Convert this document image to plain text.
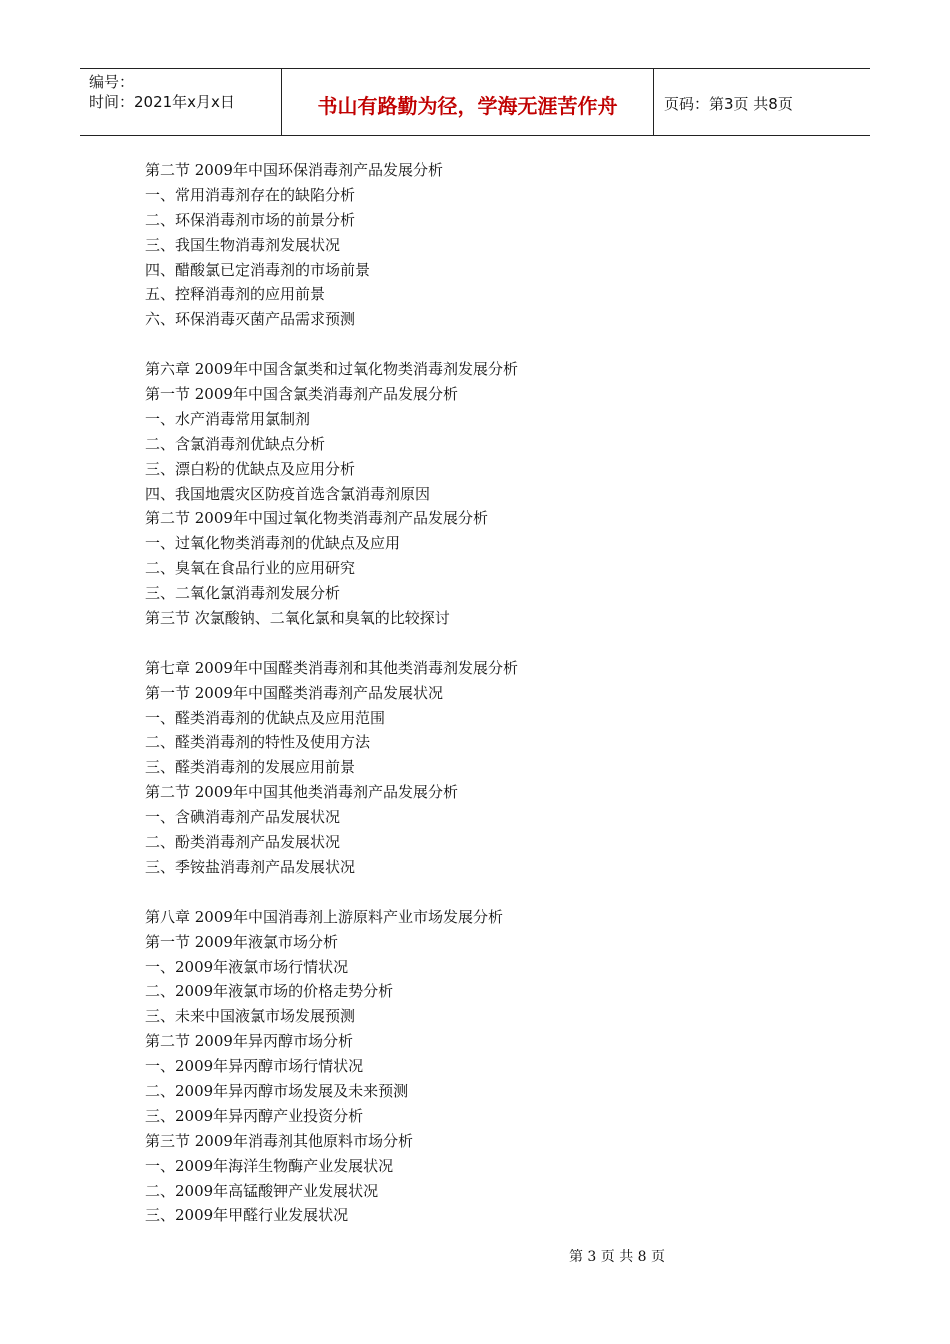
编号：
时间：2021年x月x日	书山有路勤为径，学海无涯苦作舟	页码：第3页 共8页
第二节 2009年中国环保消毒剂产品发展分析
一、常用消毒剂存在的缺陷分析
二、环保消毒剂市场的前景分析
三、我国生物消毒剂发展状况
四、醋酸氯已定消毒剂的市场前景
五、控释消毒剂的应用前景
六、环保消毒灭菌产品需求预测
第六章 2009年中国含氯类和过氧化物类消毒剂发展分析
第一节 2009年中国含氯类消毒剂产品发展分析
一、水产消毒常用氯制剂
二、含氯消毒剂优缺点分析
三、漂白粉的优缺点及应用分析
四、我国地震灾区防疫首选含氯消毒剂原因
第二节 2009年中国过氧化物类消毒剂产品发展分析
一、过氧化物类消毒剂的优缺点及应用
二、臭氧在食品行业的应用研究
三、二氧化氯消毒剂发展分析
第三节 次氯酸钠、二氧化氯和臭氧的比较探讨
第七章 2009年中国醛类消毒剂和其他类消毒剂发展分析
第一节 2009年中国醛类消毒剂产品发展状况
一、醛类消毒剂的优缺点及应用范围
二、醛类消毒剂的特性及使用方法
三、醛类消毒剂的发展应用前景
第二节 2009年中国其他类消毒剂产品发展分析
一、含碘消毒剂产品发展状况
二、酚类消毒剂产品发展状况
三、季铵盐消毒剂产品发展状况
第八章 2009年中国消毒剂上游原料产业市场发展分析
第一节 2009年液氯市场分析
一、2009年液氯市场行情状况
二、2009年液氯市场的价格走势分析
三、未来中国液氯市场发展预测
第二节 2009年异丙醇市场分析
一、2009年异丙醇市场行情状况
二、2009年异丙醇市场发展及未来预测
三、2009年异丙醇产业投资分析
第三节 2009年消毒剂其他原料市场分析
一、2009年海洋生物酶产业发展状况
二、2009年高锰酸钾产业发展状况
三、2009年甲醛行业发展状况
第 3 页 共 8 页
